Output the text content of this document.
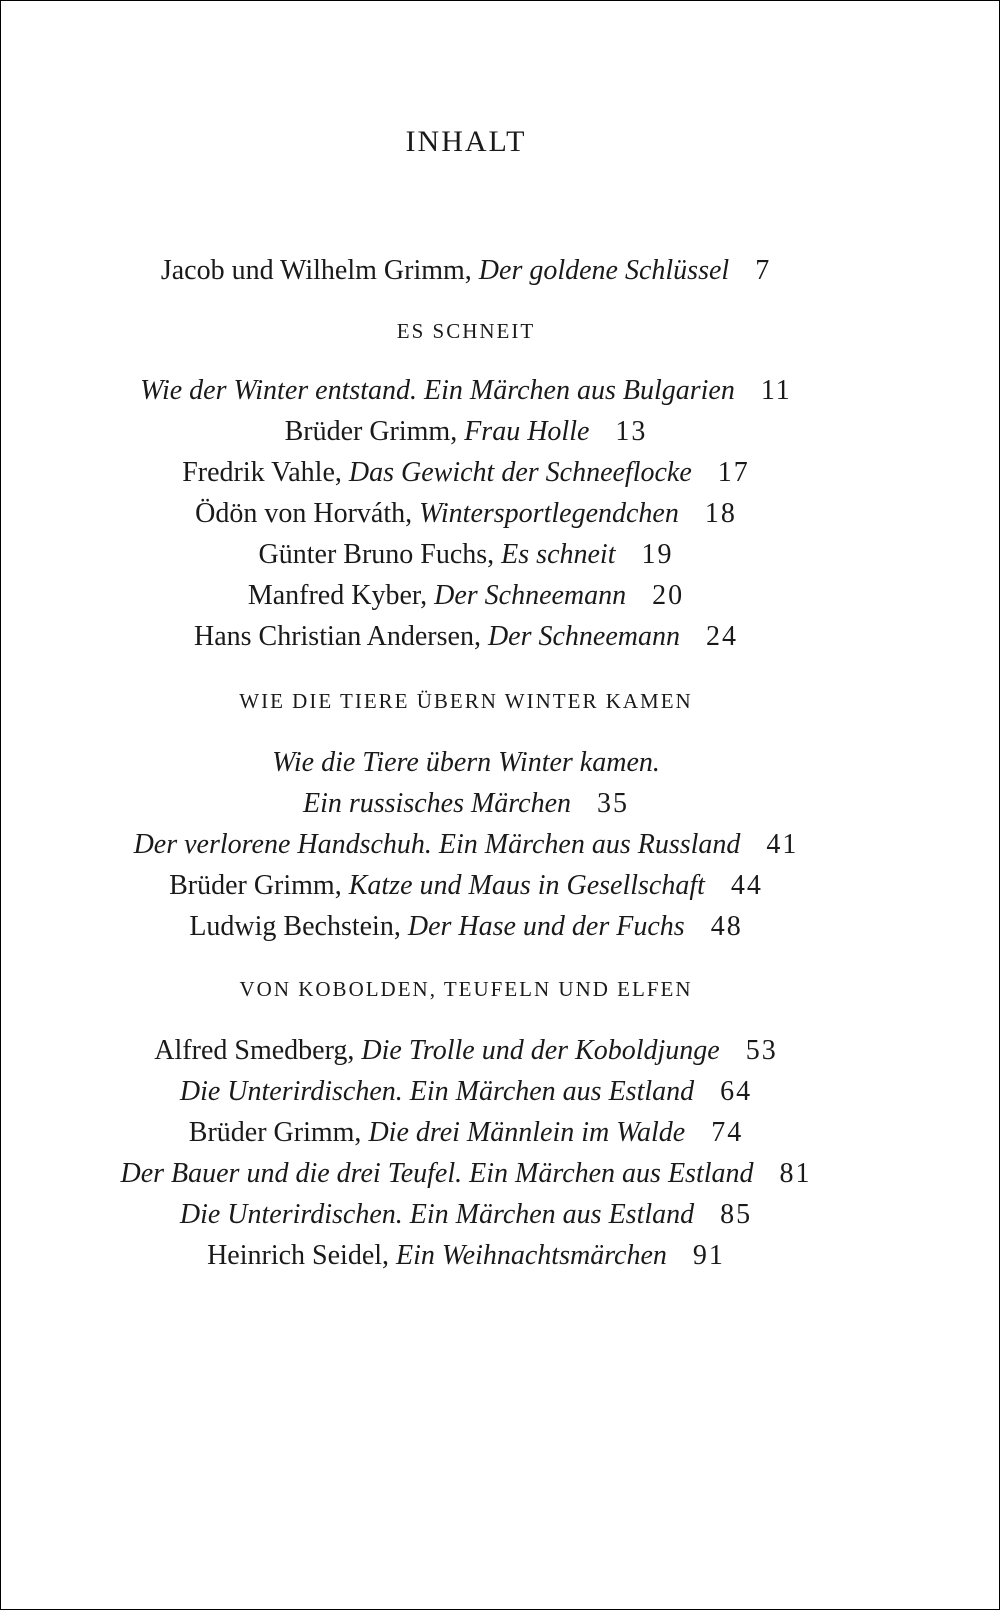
INHALT
Jacob und Wilhelm Grimm, Der goldene Schlüssel 7
ES SCHNEIT
Wie der Winter entstand. Ein Märchen aus Bulgarien 11
Brüder Grimm, Frau Holle 13
Fredrik Vahle, Das Gewicht der Schneeflocke 17
Ödön von Horváth, Wintersportlegendchen 18
Günter Bruno Fuchs, Es schneit 19
Manfred Kyber, Der Schneemann 20
Hans Christian Andersen, Der Schneemann 24
WIE DIE TIERE ÜBERN WINTER KAMEN
Wie die Tiere übern Winter kamen.
Ein russisches Märchen 35
Der verlorene Handschuh. Ein Märchen aus Russland 41
Brüder Grimm, Katze und Maus in Gesellschaft 44
Ludwig Bechstein, Der Hase und der Fuchs 48
VON KOBOLDEN, TEUFELN UND ELFEN
Alfred Smedberg, Die Trolle und der Koboldjunge 53
Die Unterirdischen. Ein Märchen aus Estland 64
Brüder Grimm, Die drei Männlein im Walde 74
Der Bauer und die drei Teufel. Ein Märchen aus Estland 81
Die Unterirdischen. Ein Märchen aus Estland 85
Heinrich Seidel, Ein Weihnachtsmärchen 91
